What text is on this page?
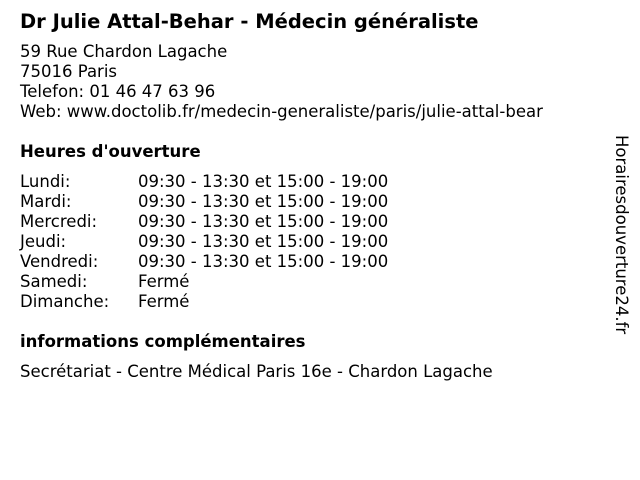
Dr Julie Attal-Behar - Médecin généraliste
59 Rue Chardon Lagache
75016 Paris
Telefon: 01 46 47 63 96
Web: www.doctolib.fr/medecin-generaliste/paris/julie-attal-bear
Heures d'ouverture
Lundi:	09:30 - 13:30 et 15:00 - 19:00
Mardi:	09:30 - 13:30 et 15:00 - 19:00
Mercredi:	09:30 - 13:30 et 15:00 - 19:00
Jeudi:	09:30 - 13:30 et 15:00 - 19:00
Vendredi:	09:30 - 13:30 et 15:00 - 19:00
Samedi:	Fermé
Dimanche:	Fermé
informations complémentaires
Secrétariat - Centre Médical Paris 16e - Chardon Lagache
Horairesdouverture24.fr
